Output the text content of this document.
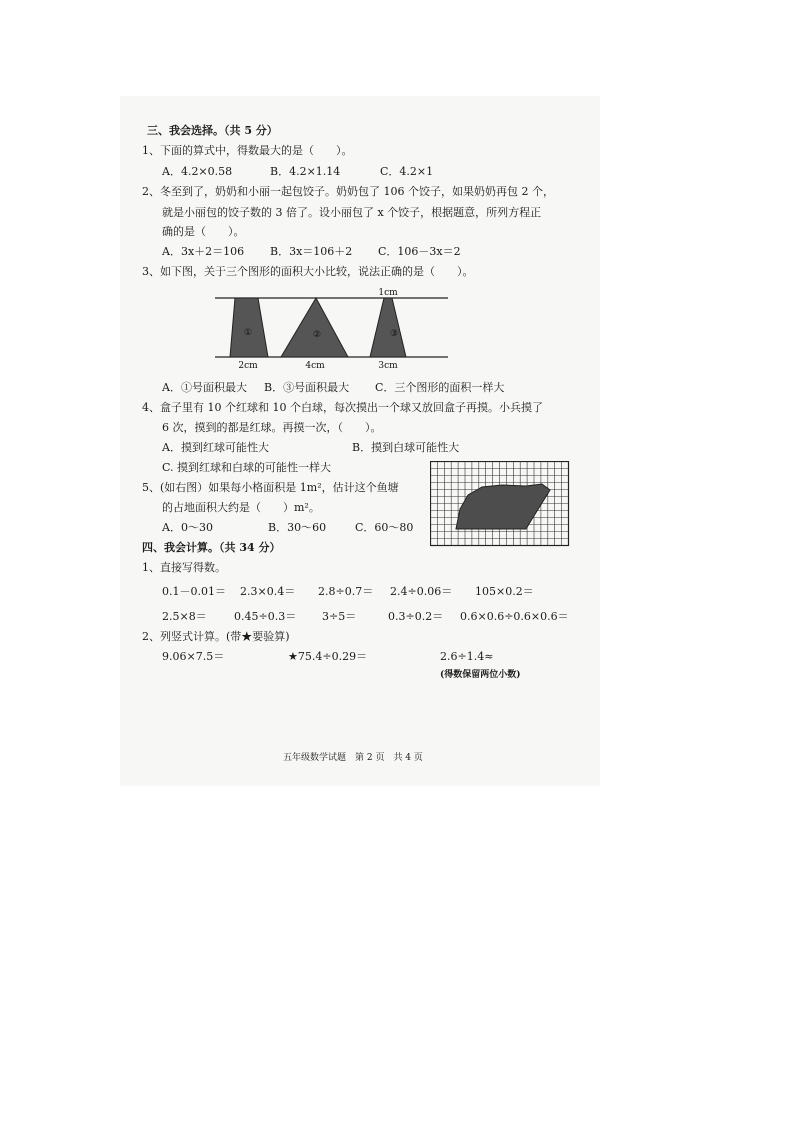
三、我会选择。（共 5 分）
1、下面的算式中，得数最大的是（　　）。
A．4.2×0.58	B．4.2×1.14	C．4.2×1
2、冬至到了，奶奶和小丽一起包饺子。奶奶包了 106 个饺子，如果奶奶再包 2 个，
就是小丽包的饺子数的 3 倍了。设小丽包了 x 个饺子，根据题意，所列方程正
确的是（　　）。
A．3x＋2＝106 B．3x＝106＋2 C．106－3x＝2
3、如下图，关于三个图形的面积大小比较，说法正确的是（　　）。
1cm
①	②	③
2cm	4cm	3cm
A．①号面积最大 B．③号面积最大 C．三个图形的面积一样大
4、盒子里有 10 个红球和 10 个白球，每次摸出一个球又放回盒子再摸。小兵摸了
6 次，摸到的都是红球。再摸一次，（　　）。
A．摸到红球可能性大	B．摸到白球可能性大
C. 摸到红球和白球的可能性一样大
5、(如右图）如果每小格面积是 1m²，估计这个鱼塘
的占地面积大约是（　　）m²。
A．0～30	B．30～60	C．60～80
四、我会计算。（共 34 分）
1、直接写得数。
0.1－0.01＝ 2.3×0.4＝ 2.8÷0.7＝ 2.4÷0.06＝ 105×0.2＝
2.5×8＝ 0.45÷0.3＝ 3÷5＝	0.3÷0.2＝ 0.6×0.6÷0.6×0.6＝
2、列竖式计算。(带★要验算)
9.06×7.5＝	★75.4÷0.29＝	2.6÷1.4≈
(得数保留两位小数)
五年级数学试题　第 2 页　共 4 页
